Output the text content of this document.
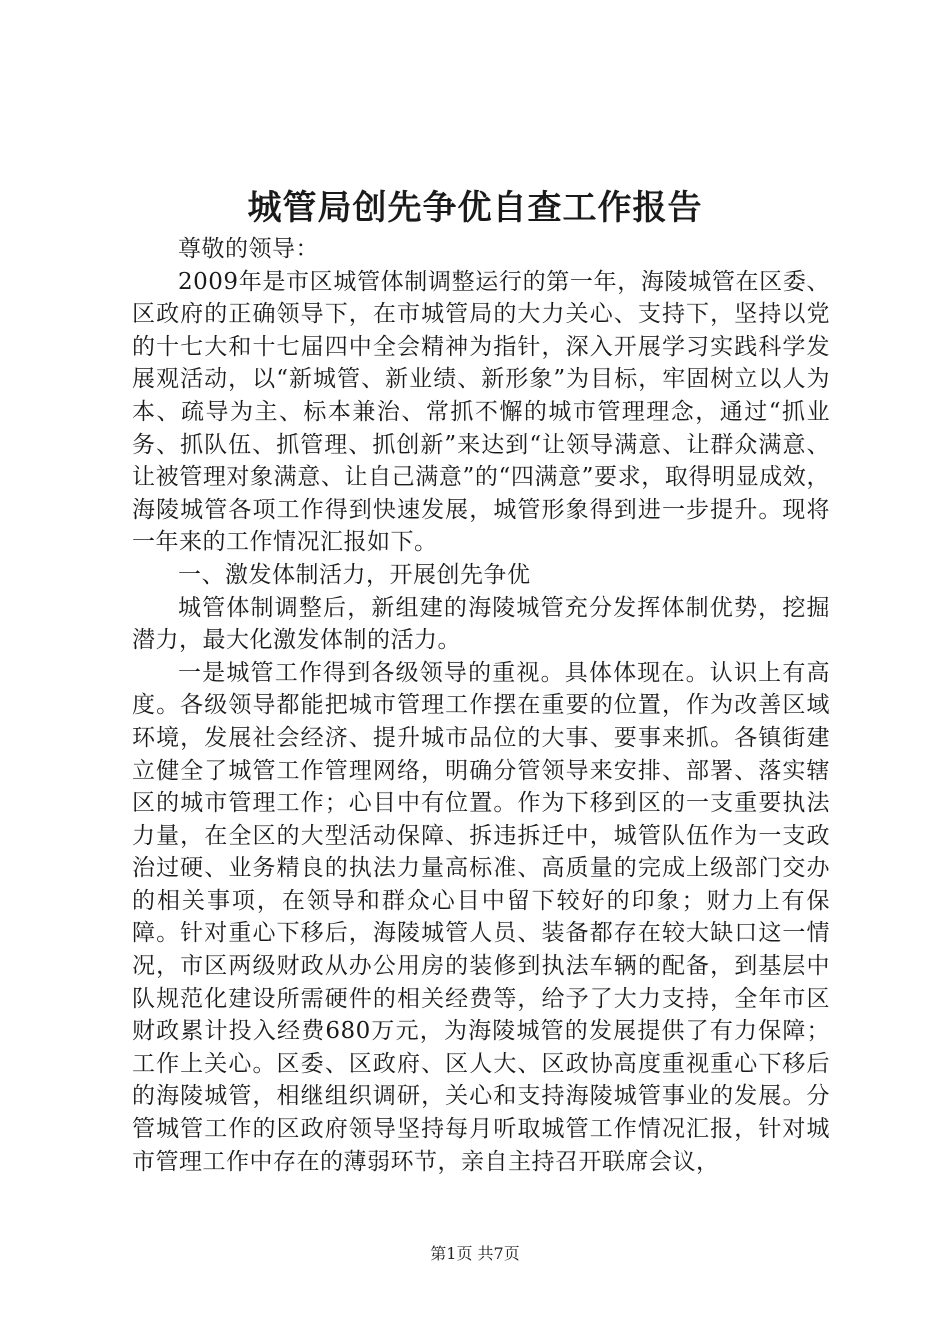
城管局创先争优自查工作报告

尊敬的领导：

2009年是市区城管体制调整运行的第一年，海陵城管在区委、区政府的正确领导下，在市城管局的大力关心、支持下，坚持以党的十七大和十七届四中全会精神为指针，深入开展学习实践科学发展观活动，以“新城管、新业绩、新形象”为目标，牢固树立以人为本、疏导为主、标本兼治、常抓不懈的城市管理理念，通过“抓业务、抓队伍、抓管理、抓创新”来达到“让领导满意、让群众满意、让被管理对象满意、让自己满意”的“四满意”要求，取得明显成效，海陵城管各项工作得到快速发展，城管形象得到进一步提升。现将一年来的工作情况汇报如下。

一、激发体制活力，开展创先争优

城管体制调整后，新组建的海陵城管充分发挥体制优势，挖掘潜力，最大化激发体制的活力。

一是城管工作得到各级领导的重视。具体体现在。认识上有高度。各级领导都能把城市管理工作摆在重要的位置，作为改善区域环境，发展社会经济、提升城市品位的大事、要事来抓。各镇街建立健全了城管工作管理网络，明确分管领导来安排、部署、落实辖区的城市管理工作；心目中有位置。作为下移到区的一支重要执法力量，在全区的大型活动保障、拆违拆迁中，城管队伍作为一支政治过硬、业务精良的执法力量高标准、高质量的完成上级部门交办的相关事项，在领导和群众心目中留下较好的印象；财力上有保障。针对重心下移后，海陵城管人员、装备都存在较大缺口这一情况，市区两级财政从办公用房的装修到执法车辆的配备，到基层中队规范化建设所需硬件的相关经费等，给予了大力支持，全年市区财政累计投入经费680万元，为海陵城管的发展提供了有力保障；工作上关心。区委、区政府、区人大、区政协高度重视重心下移后的海陵城管，相继组织调研，关心和支持海陵城管事业的发展。分管城管工作的区政府领导坚持每月听取城管工作情况汇报，针对城市管理工作中存在的薄弱环节，亲自主持召开联席会议，

第1页 共7页
